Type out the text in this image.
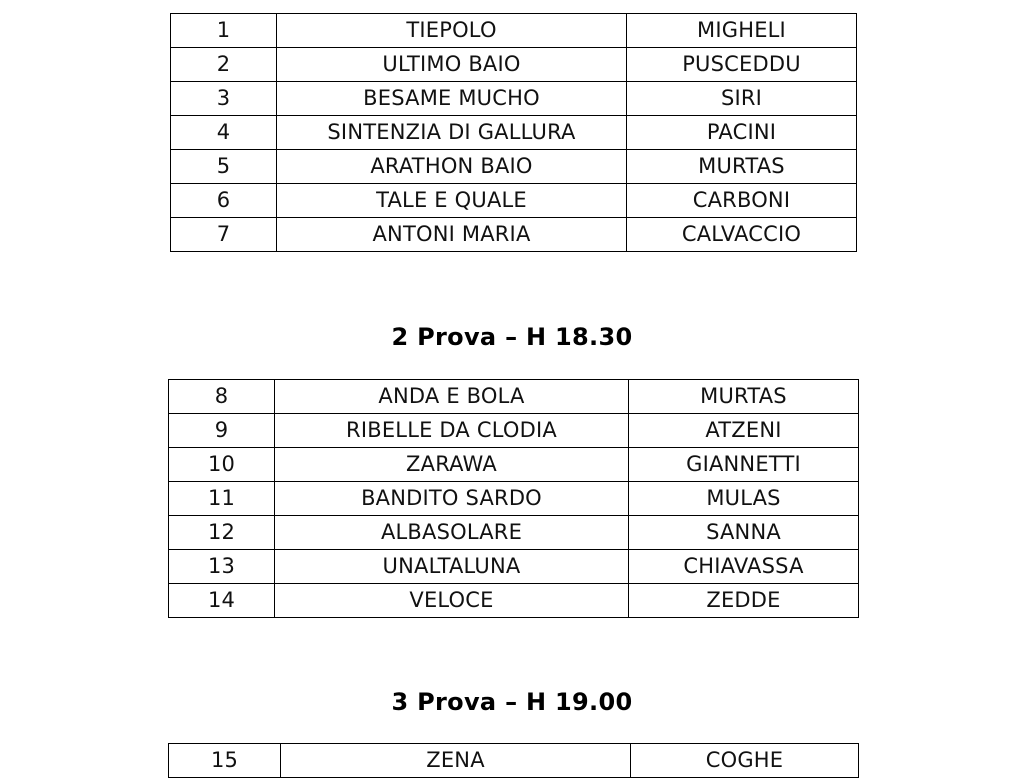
1	TIEPOLO	MIGHELI
2	ULTIMO BAIO	PUSCEDDU
3	BESAME MUCHO	SIRI
4	SINTENZIA DI GALLURA	PACINI
5	ARATHON BAIO	MURTAS
6	TALE E QUALE	CARBONI
7	ANTONI MARIA	CALVACCIO
2 Prova – H 18.30
8	ANDA E BOLA	MURTAS
9	RIBELLE DA CLODIA	ATZENI
10	ZARAWA	GIANNETTI
11	BANDITO SARDO	MULAS
12	ALBASOLARE	SANNA
13	UNALTALUNA	CHIAVASSA
14	VELOCE	ZEDDE
3 Prova – H 19.00
15	ZENA	COGHE
